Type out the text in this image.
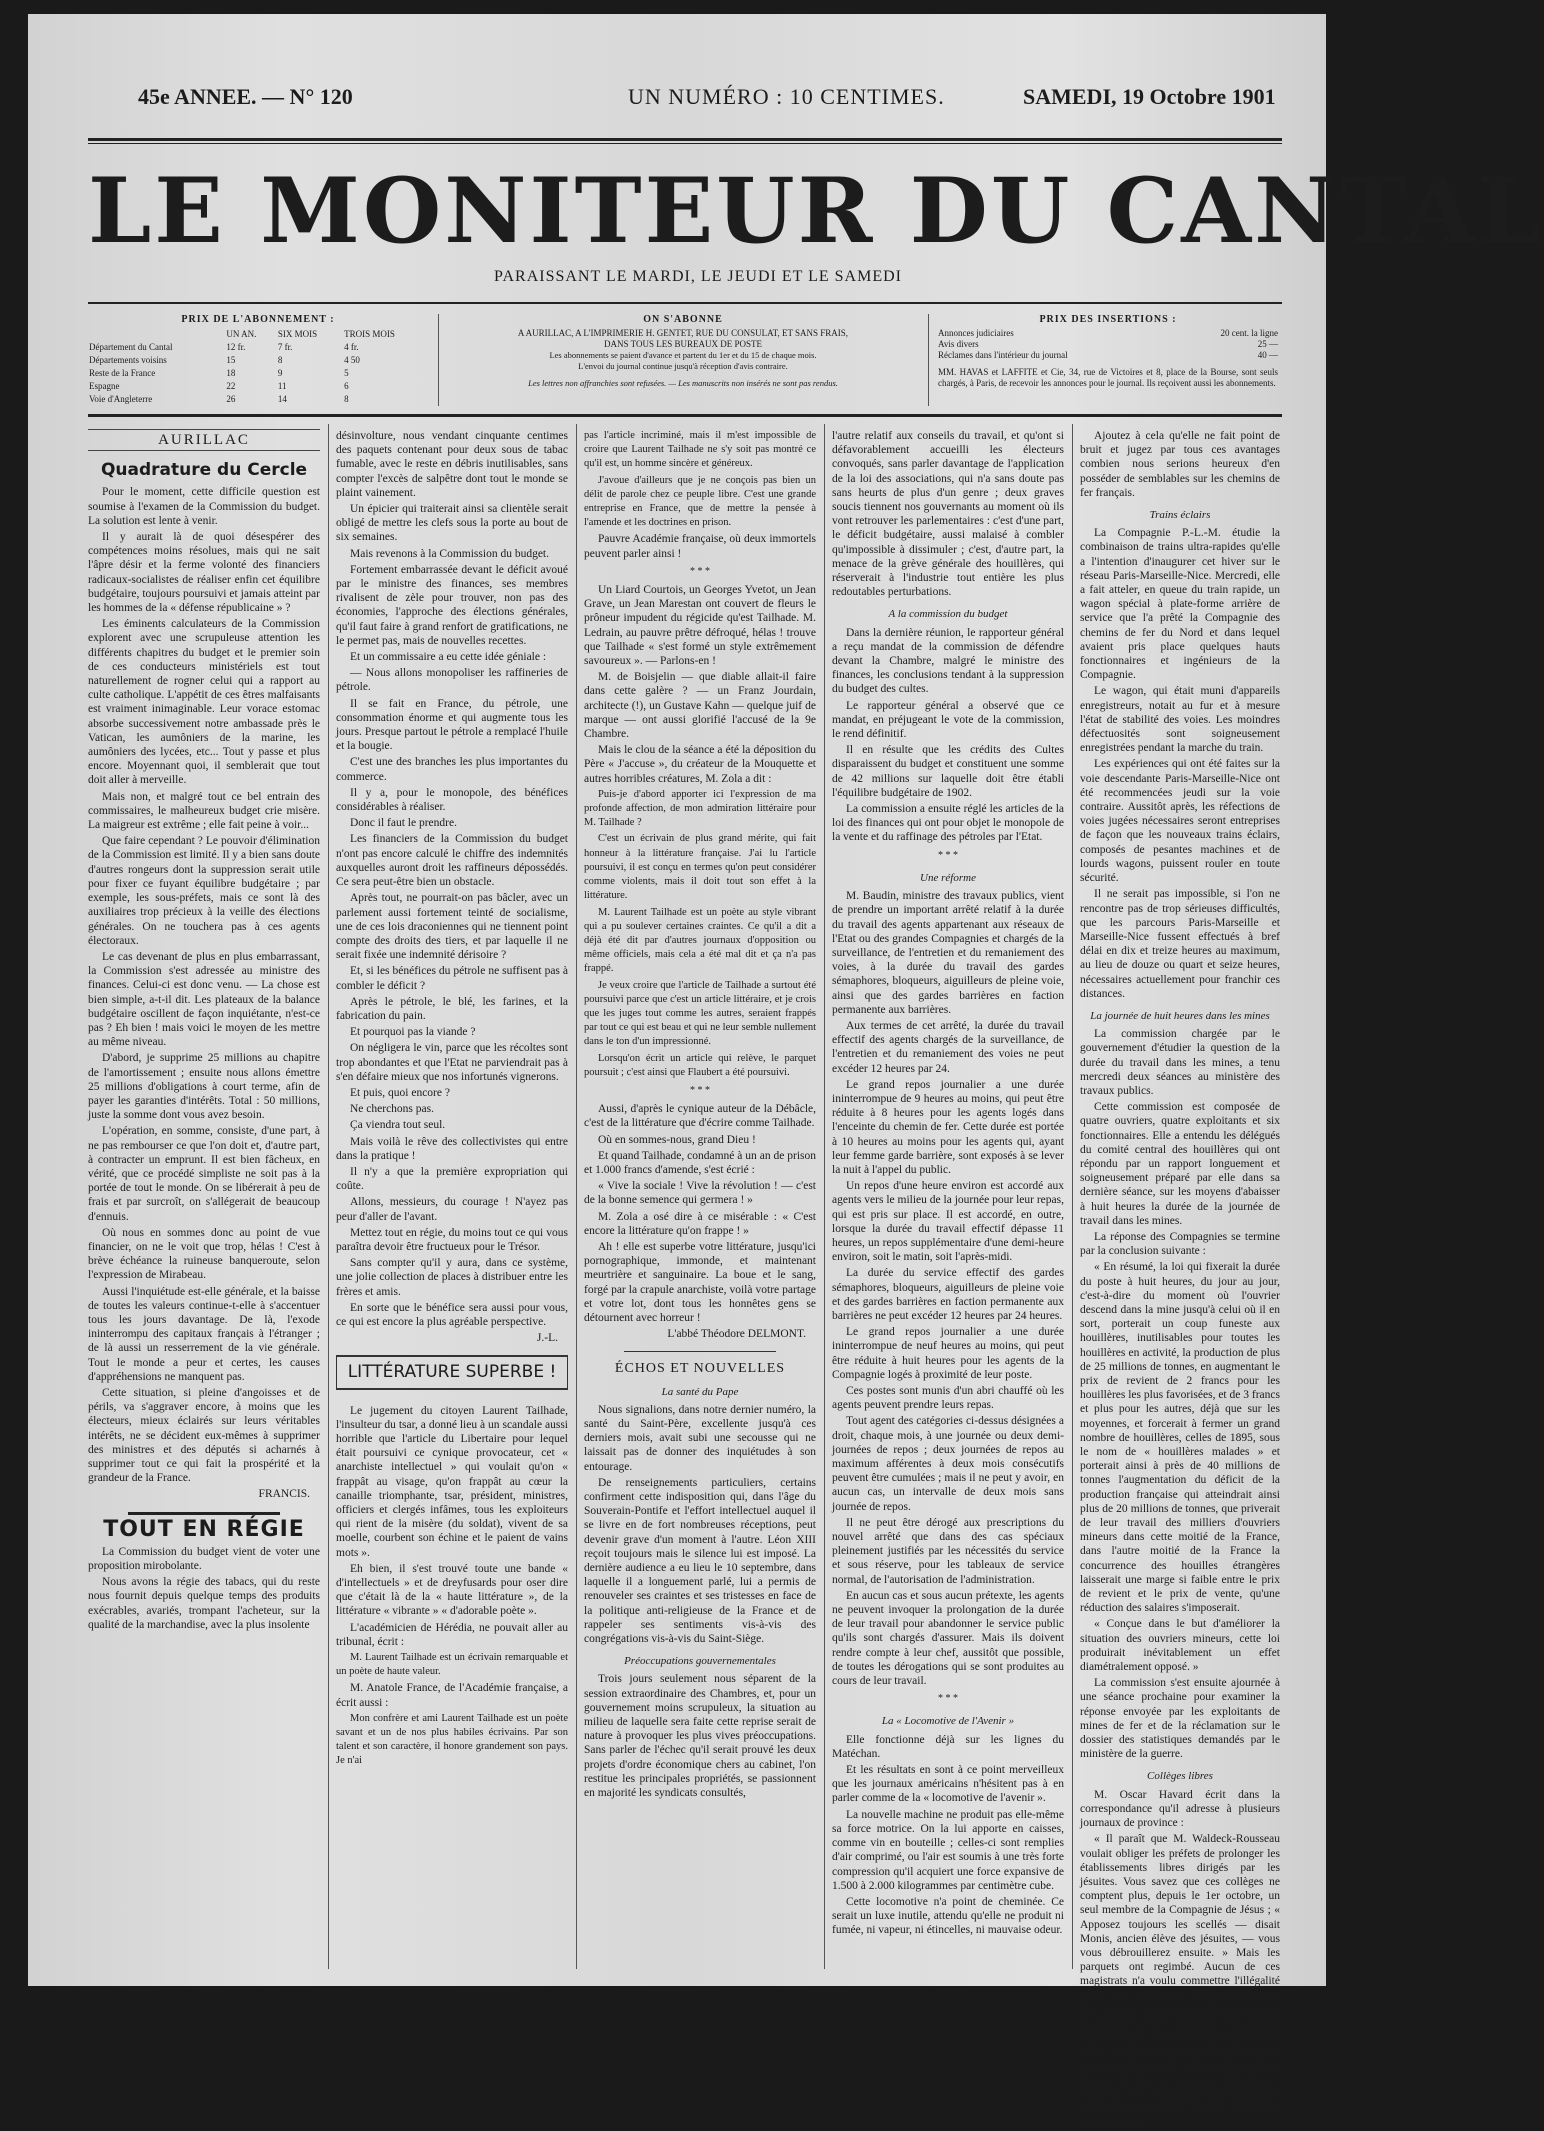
45e ANNEE. — N° 120	UN NUMÉRO : 10 CENTIMES.	SAMEDI, 19 Octobre 1901
LE MONITEUR DU CANTAL
PARAISSANT LE MARDI, LE JEUDI ET LE SAMEDI
PRIX DE L'ABONNEMENT :
	UN AN.	SIX MOIS	TROIS MOIS
Département du Cantal	12 fr.	7 fr.	4 fr.
Départements voisins	15	8	4 50
Reste de la France	18	9	5
Espagne	22	11	6
Voie d'Angleterre	26	14	8
ON S'ABONNE
A AURILLAC, A L'IMPRIMERIE H. GENTET, RUE DU CONSULAT, ET SANS FRAIS,
DANS TOUS LES BUREAUX DE POSTE
Les abonnements se paient d'avance et partent du 1er et du 15 de chaque mois.
L'envoi du journal continue jusqu'à réception d'avis contraire.
Les lettres non affranchies sont refusées. — Les manuscrits non insérés ne sont pas rendus.
PRIX DES INSERTIONS :
Annonces judiciaires	20 cent. la ligne
Avis divers	25 —
Réclames dans l'intérieur du journal	40 —
MM. HAVAS et LAFFITE et Cie, 34, rue de Victoires et 8, place de la Bourse, sont seuls chargés, à Paris, de recevoir les annonces pour le journal. Ils reçoivent aussi les abonnements.
AURILLAC
Quadrature du Cercle

Pour le moment, cette difficile question est soumise à l'examen de la Commission du budget. La solution est lente à venir.

Il y aurait là de quoi désespérer des compétences moins résolues, mais qui ne sait l'âpre désir et la ferme volonté des financiers radicaux-socialistes de réaliser enfin cet équilibre budgétaire, toujours poursuivi et jamais atteint par les hommes de la « défense républicaine » ?

Les éminents calculateurs de la Commission explorent avec une scrupuleuse attention les différents chapitres du budget et le premier soin de ces conducteurs ministériels est tout naturellement de rogner celui qui a rapport au culte catholique. L'appétit de ces êtres malfaisants est vraiment inimaginable. Leur vorace estomac absorbe successivement notre ambassade près le Vatican, les aumôniers de la marine, les aumôniers des lycées, etc... Tout y passe et plus encore. Moyennant quoi, il semblerait que tout doit aller à merveille.

Mais non, et malgré tout ce bel entrain des commissaires, le malheureux budget crie misère. La maigreur est extrême ; elle fait peine à voir...

Que faire cependant ? Le pouvoir d'élimination de la Commission est limité. Il y a bien sans doute d'autres rongeurs dont la suppression serait utile pour fixer ce fuyant équilibre budgétaire ; par exemple, les sous-préfets, mais ce sont là des auxiliaires trop précieux à la veille des élections générales. On ne touchera pas à ces agents électoraux.

Le cas devenant de plus en plus embarrassant, la Commission s'est adressée au ministre des finances. Celui-ci est donc venu. — La chose est bien simple, a-t-il dit. Les plateaux de la balance budgétaire oscillent de façon inquiétante, n'est-ce pas ? Eh bien ! mais voici le moyen de les mettre au même niveau.

D'abord, je supprime 25 millions au chapitre de l'amortissement ; ensuite nous allons émettre 25 millions d'obligations à court terme, afin de payer les garanties d'intérêts. Total : 50 millions, juste la somme dont vous avez besoin.

L'opération, en somme, consiste, d'une part, à ne pas rembourser ce que l'on doit et, d'autre part, à contracter un emprunt. Il est bien fâcheux, en vérité, que ce procédé simpliste ne soit pas à la portée de tout le monde. On se libérerait à peu de frais et par surcroît, on s'allégerait de beaucoup d'ennuis.

Où nous en sommes donc au point de vue financier, on ne le voit que trop, hélas ! C'est à brève échéance la ruineuse banqueroute, selon l'expression de Mirabeau.

Aussi l'inquiétude est-elle générale, et la baisse de toutes les valeurs continue-t-elle à s'accentuer tous les jours davantage. De là, l'exode ininterrompu des capitaux français à l'étranger ; de là aussi un resserrement de la vie générale. Tout le monde a peur et certes, les causes d'appréhensions ne manquent pas.

Cette situation, si pleine d'angoisses et de périls, va s'aggraver encore, à moins que les électeurs, mieux éclairés sur leurs véritables intérêts, ne se décident eux-mêmes à supprimer des ministres et des députés si acharnés à supprimer tout ce qui fait la prospérité et la grandeur de la France.

FRANCIS.
TOUT EN RÉGIE

La Commission du budget vient de voter une proposition mirobolante.

Nous avons la régie des tabacs, qui du reste nous fournit depuis quelque temps des produits exécrables, avariés, trompant l'acheteur, sur la qualité de la marchandise, avec la plus insolente

désinvolture, nous vendant cinquante centimes des paquets contenant pour deux sous de tabac fumable, avec le reste en débris inutilisables, sans compter l'excès de salpêtre dont tout le monde se plaint vainement.

Un épicier qui traiterait ainsi sa clientèle serait obligé de mettre les clefs sous la porte au bout de six semaines.

Mais revenons à la Commission du budget.

Fortement embarrassée devant le déficit avoué par le ministre des finances, ses membres rivalisent de zèle pour trouver, non pas des économies, l'approche des élections générales, qu'il faut faire à grand renfort de gratifications, ne le permet pas, mais de nouvelles recettes.

Et un commissaire a eu cette idée géniale :

— Nous allons monopoliser les raffineries de pétrole.

Il se fait en France, du pétrole, une consommation énorme et qui augmente tous les jours. Presque partout le pétrole a remplacé l'huile et la bougie.

C'est une des branches les plus importantes du commerce.

Il y a, pour le monopole, des bénéfices considérables à réaliser.

Donc il faut le prendre.

Les financiers de la Commission du budget n'ont pas encore calculé le chiffre des indemnités auxquelles auront droit les raffineurs dépossédés. Ce sera peut-être bien un obstacle.

Après tout, ne pourrait-on pas bâcler, avec un parlement aussi fortement teinté de socialisme, une de ces lois draconiennes qui ne tiennent point compte des droits des tiers, et par laquelle il ne serait fixée une indemnité dérisoire ?

Et, si les bénéfices du pétrole ne suffisent pas à combler le déficit ?

Après le pétrole, le blé, les farines, et la fabrication du pain.

Et pourquoi pas la viande ?

On négligera le vin, parce que les récoltes sont trop abondantes et que l'Etat ne parviendrait pas à s'en défaire mieux que nos infortunés vignerons.

Et puis, quoi encore ?

Ne cherchons pas.

Ça viendra tout seul.

Mais voilà le rêve des collectivistes qui entre dans la pratique !

Il n'y a que la première expropriation qui coûte.

Allons, messieurs, du courage ! N'ayez pas peur d'aller de l'avant.

Mettez tout en régie, du moins tout ce qui vous paraîtra devoir être fructueux pour le Trésor.

Sans compter qu'il y aura, dans ce système, une jolie collection de places à distribuer entre les frères et amis.

En sorte que le bénéfice sera aussi pour vous, ce qui est encore la plus agréable perspective.

J.-L.
LITTÉRATURE SUPERBE !

Le jugement du citoyen Laurent Tailhade, l'insulteur du tsar, a donné lieu à un scandale aussi horrible que l'article du Libertaire pour lequel était poursuivi ce cynique provocateur, cet « anarchiste intellectuel » qui voulait qu'on « frappât au visage, qu'on frappât au cœur la canaille triomphante, tsar, président, ministres, officiers et clergés infâmes, tous les exploiteurs qui rient de la misère (du soldat), vivent de sa moelle, courbent son échine et le paient de vains mots ».

Eh bien, il s'est trouvé toute une bande « d'intellectuels » et de dreyfusards pour oser dire que c'était là de la « haute littérature », de la littérature « vibrante » « d'adorable poète ».

L'académicien de Hérédia, ne pouvait aller au tribunal, écrit :

M. Laurent Tailhade est un écrivain remarquable et un poète de haute valeur.

M. Anatole France, de l'Académie française, a écrit aussi :

Mon confrère et ami Laurent Tailhade est un poète savant et un de nos plus habiles écrivains. Par son talent et son caractère, il honore grandement son pays. Je n'ai

pas l'article incriminé, mais il m'est impossible de croire que Laurent Tailhade ne s'y soit pas montré ce qu'il est, un homme sincère et généreux.

J'avoue d'ailleurs que je ne conçois pas bien un délit de parole chez ce peuple libre. C'est une grande entreprise en France, que de mettre la pensée à l'amende et les doctrines en prison.

Pauvre Académie française, où deux immortels peuvent parler ainsi !

* * *

Un Liard Courtois, un Georges Yvetot, un Jean Grave, un Jean Marestan ont couvert de fleurs le prôneur impudent du régicide qu'est Tailhade. M. Ledrain, au pauvre prêtre défroqué, hélas ! trouve que Tailhade « s'est formé un style extrêmement savoureux ». — Parlons-en !

M. de Boisjelin — que diable allait-il faire dans cette galère ? — un Franz Jourdain, architecte (!), un Gustave Kahn — quelque juif de marque — ont aussi glorifié l'accusé de la 9e Chambre.

Mais le clou de la séance a été la déposition du Père « J'accuse », du créateur de la Mouquette et autres horribles créatures, M. Zola a dit :

Puis-je d'abord apporter ici l'expression de ma profonde affection, de mon admiration littéraire pour M. Tailhade ?

C'est un écrivain de plus grand mérite, qui fait honneur à la littérature française. J'ai lu l'article poursuivi, il est conçu en termes qu'on peut considérer comme violents, mais il doit tout son effet à la littérature.

M. Laurent Tailhade est un poète au style vibrant qui a pu soulever certaines craintes. Ce qu'il a dit a déjà été dit par d'autres journaux d'opposition ou même officiels, mais cela a été mal dit et ça n'a pas frappé.

Je veux croire que l'article de Tailhade a surtout été poursuivi parce que c'est un article littéraire, et je crois que les juges tout comme les autres, seraient frappés par tout ce qui est beau et qui ne leur semble nullement dans le ton d'un impressionné.

Lorsqu'on écrit un article qui relève, le parquet poursuit ; c'est ainsi que Flaubert a été poursuivi.

* * *

Aussi, d'après le cynique auteur de la Débâcle, c'est de la littérature que d'écrire comme Tailhade.

Où en sommes-nous, grand Dieu !

Et quand Tailhade, condamné à un an de prison et 1.000 francs d'amende, s'est écrié :

« Vive la sociale ! Vive la révolution ! — c'est de la bonne semence qui germera ! »

M. Zola a osé dire à ce misérable : « C'est encore la littérature qu'on frappe ! »

Ah ! elle est superbe votre littérature, jusqu'ici pornographique, immonde, et maintenant meurtrière et sanguinaire. La boue et le sang, forgé par la crapule anarchiste, voilà votre partage et votre lot, dont tous les honnêtes gens se détournent avec horreur !

L'abbé Théodore DELMONT.
ÉCHOS ET NOUVELLES
La santé du Pape

Nous signalions, dans notre dernier numéro, la santé du Saint-Père, excellente jusqu'à ces derniers mois, avait subi une secousse qui ne laissait pas de donner des inquiétudes à son entourage.

De renseignements particuliers, certains confirment cette indisposition qui, dans l'âge du Souverain-Pontife et l'effort intellectuel auquel il se livre en de fort nombreuses réceptions, peut devenir grave d'un moment à l'autre. Léon XIII reçoit toujours mais le silence lui est imposé. La dernière audience a eu lieu le 10 septembre, dans laquelle il a longuement parlé, lui a permis de renouveler ses craintes et ses tristesses en face de la politique anti-religieuse de la France et de rappeler ses sentiments vis-à-vis des congrégations vis-à-vis du Saint-Siège.

Préoccupations gouvernementales

Trois jours seulement nous séparent de la session extraordinaire des Chambres, et, pour un gouvernement moins scrupuleux, la situation au milieu de laquelle sera faite cette reprise serait de nature à provoquer les plus vives préoccupations. Sans parler de l'échec qu'il serait prouvé les deux projets d'ordre économique chers au cabinet, l'on restitue les principales propriétés, se passionnent en majorité les syndicats consultés,

l'autre relatif aux conseils du travail, et qu'ont si défavorablement accueilli les électeurs convoqués, sans parler davantage de l'application de la loi des associations, qui n'a sans doute pas sans heurts de plus d'un genre ; deux graves soucis tiennent nos gouvernants au moment où ils vont retrouver les parlementaires : c'est d'une part, le déficit budgétaire, aussi malaisé à combler qu'impossible à dissimuler ; c'est, d'autre part, la menace de la grève générale des houillères, qui réserverait à l'industrie tout entière les plus redoutables perturbations.

A la commission du budget

Dans la dernière réunion, le rapporteur général a reçu mandat de la commission de défendre devant la Chambre, malgré le ministre des finances, les conclusions tendant à la suppression du budget des cultes.

Le rapporteur général a observé que ce mandat, en préjugeant le vote de la commission, le rend définitif.

Il en résulte que les crédits des Cultes disparaissent du budget et constituent une somme de 42 millions sur laquelle doit être établi l'équilibre budgétaire de 1902.

La commission a ensuite réglé les articles de la loi des finances qui ont pour objet le monopole de la vente et du raffinage des pétroles par l'Etat.

* * *
Une réforme

M. Baudin, ministre des travaux publics, vient de prendre un important arrêté relatif à la durée du travail des agents appartenant aux réseaux de l'Etat ou des grandes Compagnies et chargés de la surveillance, de l'entretien et du remaniement des voies, à la durée du travail des gardes sémaphores, bloqueurs, aiguilleurs de pleine voie, ainsi que des gardes barrières en faction permanente aux barrières.

Aux termes de cet arrêté, la durée du travail effectif des agents chargés de la surveillance, de l'entretien et du remaniement des voies ne peut excéder 12 heures par 24.

Le grand repos journalier a une durée ininterrompue de 9 heures au moins, qui peut être réduite à 8 heures pour les agents logés dans l'enceinte du chemin de fer. Cette durée est portée à 10 heures au moins pour les agents qui, ayant leur femme garde barrière, sont exposés à se lever la nuit à l'appel du public.

Un repos d'une heure environ est accordé aux agents vers le milieu de la journée pour leur repas, qui est pris sur place. Il est accordé, en outre, lorsque la durée du travail effectif dépasse 11 heures, un repos supplémentaire d'une demi-heure environ, soit le matin, soit l'après-midi.

La durée du service effectif des gardes sémaphores, bloqueurs, aiguilleurs de pleine voie et des gardes barrières en faction permanente aux barrières ne peut excéder 12 heures par 24 heures.

Le grand repos journalier a une durée ininterrompue de neuf heures au moins, qui peut être réduite à huit heures pour les agents de la Compagnie logés à proximité de leur poste.

Ces postes sont munis d'un abri chauffé où les agents peuvent prendre leurs repas.

Tout agent des catégories ci-dessus désignées a droit, chaque mois, à une journée ou deux demi-journées de repos ; deux journées de repos au maximum afférentes à deux mois consécutifs peuvent être cumulées ; mais il ne peut y avoir, en aucun cas, un intervalle de deux mois sans journée de repos.

Il ne peut être dérogé aux prescriptions du nouvel arrêté que dans des cas spéciaux pleinement justifiés par les nécessités du service et sous réserve, pour les tableaux de service normal, de l'autorisation de l'administration.

En aucun cas et sous aucun prétexte, les agents ne peuvent invoquer la prolongation de la durée de leur travail pour abandonner le service public qu'ils sont chargés d'assurer. Mais ils doivent rendre compte à leur chef, aussitôt que possible, de toutes les dérogations qui se sont produites au cours de leur travail.

* * *
La « Locomotive de l'Avenir »

Elle fonctionne déjà sur les lignes du Matéchan.

Et les résultats en sont à ce point merveilleux que les journaux américains n'hésitent pas à en parler comme de la « locomotive de l'avenir ».

La nouvelle machine ne produit pas elle-même sa force motrice. On la lui apporte en caisses, comme vin en bouteille ; celles-ci sont remplies d'air comprimé, ou l'air est soumis à une très forte compression qu'il acquiert une force expansive de 1.500 à 2.000 kilogrammes par centimètre cube.

Cette locomotive n'a point de cheminée. Ce serait un luxe inutile, attendu qu'elle ne produit ni fumée, ni vapeur, ni étincelles, ni mauvaise odeur.

Ajoutez à cela qu'elle ne fait point de bruit et jugez par tous ces avantages combien nous serions heureux d'en posséder de semblables sur les chemins de fer français.

Trains éclairs

La Compagnie P.-L.-M. étudie la combinaison de trains ultra-rapides qu'elle a l'intention d'inaugurer cet hiver sur le réseau Paris-Marseille-Nice. Mercredi, elle a fait atteler, en queue du train rapide, un wagon spécial à plate-forme arrière de service que l'a prêté la Compagnie des chemins de fer du Nord et dans lequel avaient pris place quelques hauts fonctionnaires et ingénieurs de la Compagnie.

Le wagon, qui était muni d'appareils enregistreurs, notait au fur et à mesure l'état de stabilité des voies. Les moindres défectuosités sont soigneusement enregistrées pendant la marche du train.

Les expériences qui ont été faites sur la voie descendante Paris-Marseille-Nice ont été recommencées jeudi sur la voie contraire. Aussitôt après, les réfections de voies jugées nécessaires seront entreprises de façon que les nouveaux trains éclairs, composés de pesantes machines et de lourds wagons, puissent rouler en toute sécurité.

Il ne serait pas impossible, si l'on ne rencontre pas de trop sérieuses difficultés, que les parcours Paris-Marseille et Marseille-Nice fussent effectués à bref délai en dix et treize heures au maximum, au lieu de douze ou quart et seize heures, nécessaires actuellement pour franchir ces distances.

La journée de huit heures dans les mines

La commission chargée par le gouvernement d'étudier la question de la durée du travail dans les mines, a tenu mercredi deux séances au ministère des travaux publics.

Cette commission est composée de quatre ouvriers, quatre exploitants et six fonctionnaires. Elle a entendu les délégués du comité central des houillères qui ont répondu par un rapport longuement et soigneusement préparé par elle dans sa dernière séance, sur les moyens d'abaisser à huit heures la durée de la journée de travail dans les mines.

La réponse des Compagnies se termine par la conclusion suivante :

« En résumé, la loi qui fixerait la durée du poste à huit heures, du jour au jour, c'est-à-dire du moment où l'ouvrier descend dans la mine jusqu'à celui où il en sort, porterait un coup funeste aux houillères, inutilisables pour toutes les houillères en activité, la production de plus de 25 millions de tonnes, en augmentant le prix de revient de 2 francs pour les houillères les plus favorisées, et de 3 francs et plus pour les autres, déjà que sur les moyennes, et forcerait à fermer un grand nombre de houillères, celles de 1895, sous le nom de « houillères malades » et porterait ainsi à près de 40 millions de tonnes l'augmentation du déficit de la production française qui atteindrait ainsi plus de 20 millions de tonnes, que priverait de leur travail des milliers d'ouvriers mineurs dans cette moitié de la France, dans l'autre moitié de la France la concurrence des houilles étrangères laisserait une marge si faible entre le prix de revient et le prix de vente, qu'une réduction des salaires s'imposerait.

« Conçue dans le but d'améliorer la situation des ouvriers mineurs, cette loi produirait inévitablement un effet diamétralement opposé. »

La commission s'est ensuite ajournée à une séance prochaine pour examiner la réponse envoyée par les exploitants de mines de fer et de la réclamation sur le dossier des statistiques demandés par le ministère de la guerre.

Collèges libres

M. Oscar Havard écrit dans la correspondance qu'il adresse à plusieurs journaux de province :

« Il paraît que M. Waldeck-Rousseau voulait obliger les préfets de prolonger les établissements libres dirigés par les jésuites. Vous savez que ces collèges ne comptent plus, depuis le 1er octobre, un seul membre de la Compagnie de Jésus ; « Apposez toujours les scellés — disait Monis, ancien élève des jésuites, — vous vous débrouillerez ensuite. » Mais les parquets ont regimbé. Aucun de ces magistrats n'a voulu commettre l'illégalité qu'on leur demandait. La vérité est que, depuis vingt ans, pas un collège libre n'est la propriété de la Compagnie. M. Caillaux le prix que personne. Au Mans, une société civile fut constituée il y a vingt-cinq ans pour l'exploitation du collège. M. Caillaux père se fit inscrire pour dix mille francs d'actions. M. Caillaux, aujourd'hui ministre du Seize-Mai mourut, son fils vendit les actions et en
